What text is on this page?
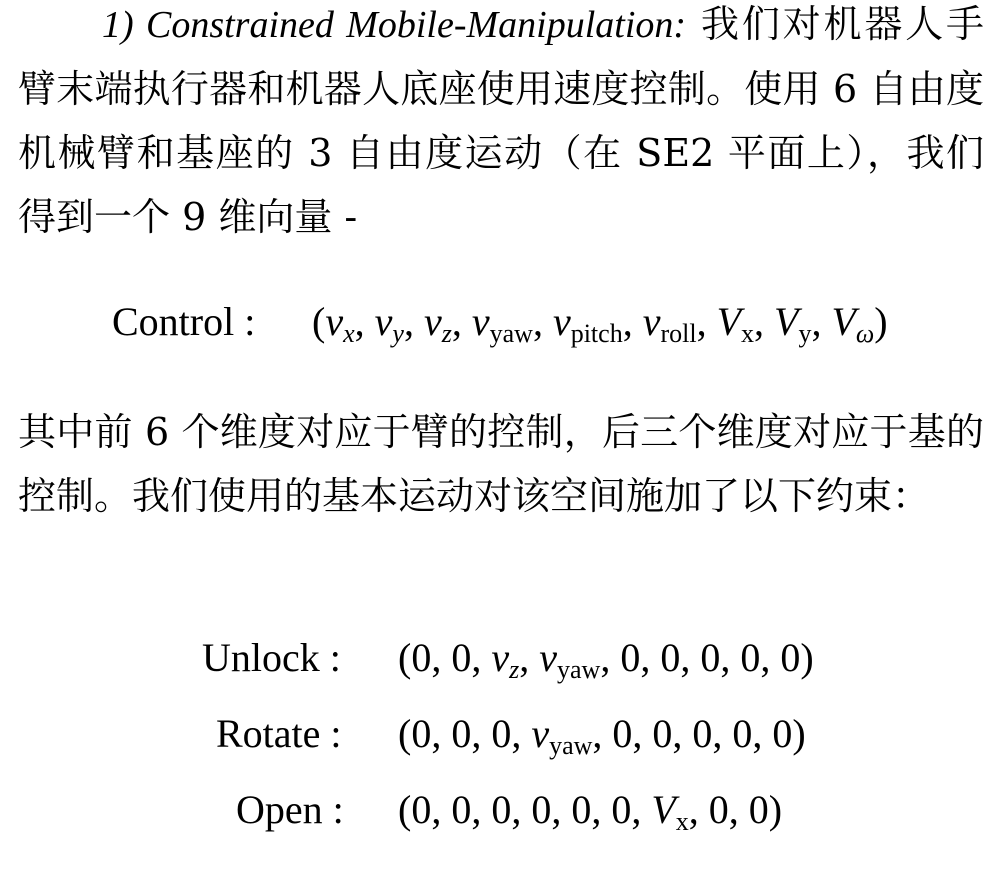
1) Constrained Mobile-Manipulation: 我们对机器人手臂末端执行器和机器人底座使用速度控制。使用 6 自由度机械臂和基座的 3 自由度运动（在 SE2 平面上），我们得到一个 9 维向量 -

Control : ($v_x$, $v_y$, $v_z$, $v_{yaw}$, $v_{pitch}$, $v_{roll}$, $V_x$, $V_y$, $V_\omega$)

其中前 6 个维度对应于臂的控制，后三个维度对应于基的控制。我们使用的基本运动对该空间施加了以下约束：

Unlock : (0, 0, $v_z$, $v_{yaw}$, 0, 0, 0, 0, 0)
Rotate : (0, 0, 0, $v_{yaw}$, 0, 0, 0, 0, 0)
Open : (0, 0, 0, 0, 0, 0, $V_x$, 0, 0)
